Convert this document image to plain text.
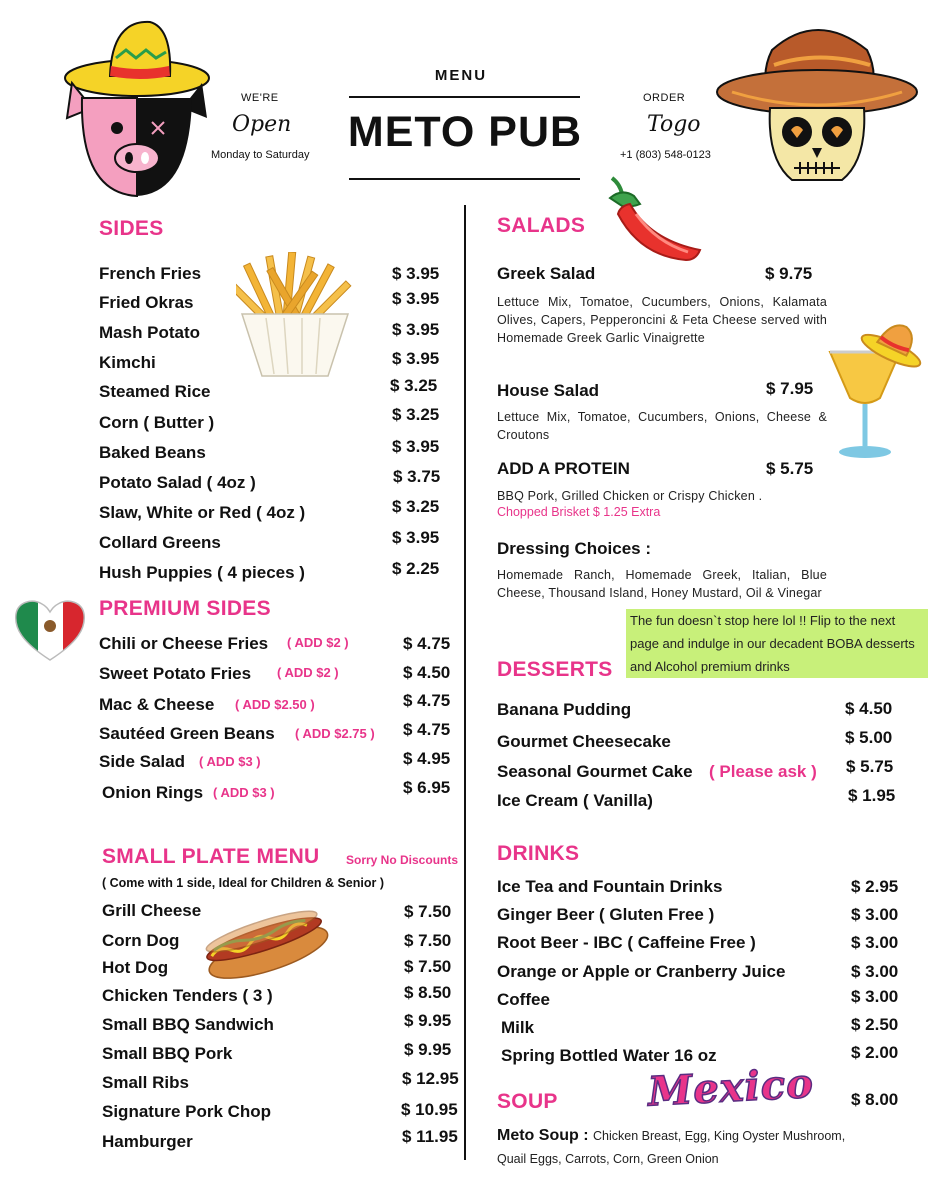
MENU
METO PUB
WE'RE
Open
Monday to Saturday
ORDER
Togo
+1 (803) 548-0123
SIDES
French Fries	$ 3.95
Fried Okras	$ 3.95
Mash Potato	$ 3.95
Kimchi	$ 3.95
Steamed Rice	$ 3.25
Corn ( Butter )	$ 3.25
Baked Beans	$ 3.95
Potato Salad ( 4oz )	$ 3.75
Slaw, White or Red ( 4oz )	$ 3.25
Collard Greens	$ 3.95
Hush Puppies ( 4 pieces )	$ 2.25
PREMIUM SIDES
Chili or Cheese Fries ( ADD $2 )	$ 4.75
Sweet Potato Fries ( ADD $2 )	$ 4.50
Mac & Cheese ( ADD $2.50 )	$ 4.75
Sautéed Green Beans ( ADD $2.75 ) $ 4.75
Side Salad ( ADD $3 )	$ 4.95
Onion Rings ( ADD $3 )	$ 6.95
SMALL PLATE MENU Sorry No Discounts
( Come with 1 side, Ideal for Children & Senior )
Grill Cheese	$ 7.50
Corn Dog	$ 7.50
Hot Dog	$ 7.50
Chicken Tenders ( 3 )	$ 8.50
Small BBQ Sandwich	$ 9.95
Small BBQ Pork	$ 9.95
Small Ribs	$ 12.95
Signature Pork Chop	$ 10.95
Hamburger	$ 11.95
SALADS
Greek Salad	$ 9.75
Lettuce Mix, Tomatoe, Cucumbers, Onions, Kalamata Olives, Capers, Pepperoncini & Feta Cheese served with Homemade Greek Garlic Vinaigrette
House Salad	$ 7.95
Lettuce Mix, Tomatoe, Cucumbers, Onions, Cheese & Croutons
ADD A PROTEIN	$ 5.75
BBQ Pork, Grilled Chicken or Crispy Chicken .
Chopped Brisket $ 1.25 Extra
Dressing Choices :
Homemade Ranch, Homemade Greek, Italian, Blue Cheese, Thousand Island, Honey Mustard, Oil & Vinegar
The fun doesn`t stop here lol !! Flip to the next page and indulge in our decadent BOBA desserts and Alcohol premium drinks
DESSERTS
Banana Pudding	$ 4.50
Gourmet Cheesecake	$ 5.00
Seasonal Gourmet Cake ( Please ask ) $ 5.75
Ice Cream ( Vanilla)	$ 1.95
DRINKS
Ice Tea and Fountain Drinks	$ 2.95
Ginger Beer ( Gluten Free )	$ 3.00
Root Beer - IBC ( Caffeine Free )	$ 3.00
Orange or Apple or Cranberry Juice	$ 3.00
Coffee	$ 3.00
Milk	$ 2.50
Spring Bottled Water 16 oz	$ 2.00
SOUP	$ 8.00
Mexico
Meto Soup : Chicken Breast, Egg, King Oyster Mushroom,
Quail Eggs, Carrots, Corn, Green Onion
